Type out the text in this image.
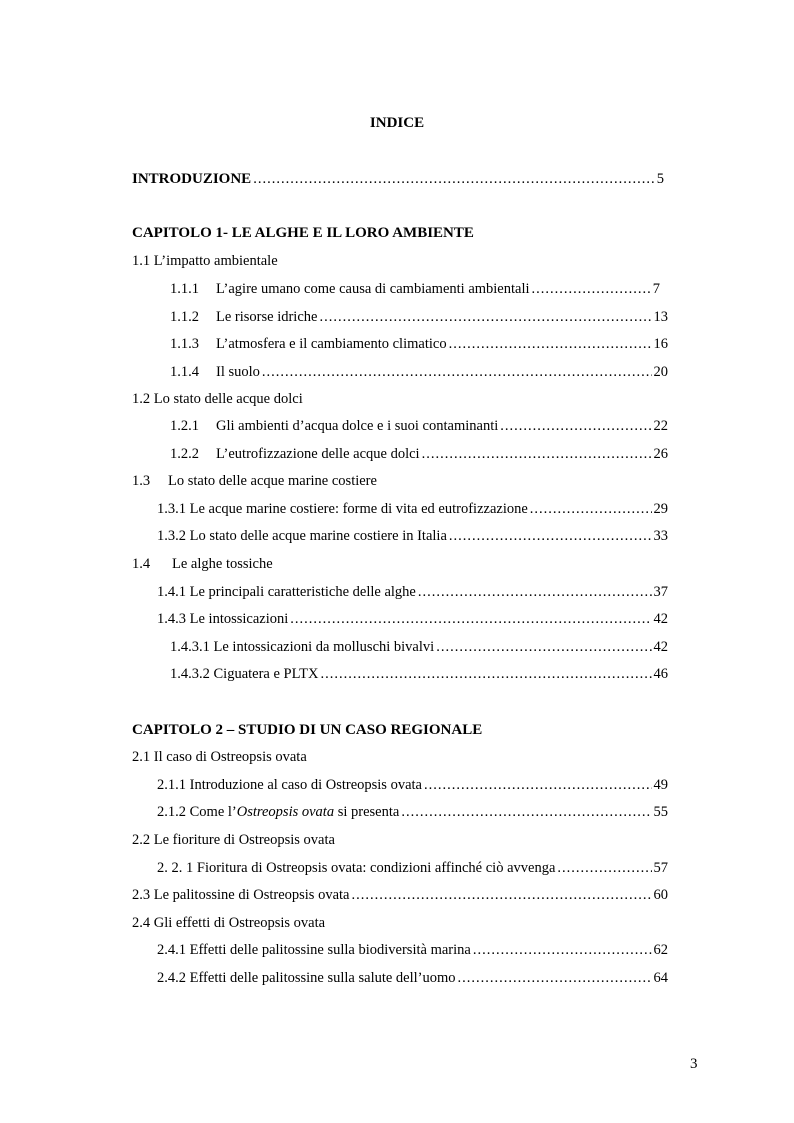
INDICE
INTRODUZIONE .....	5
CAPITOLO 1- LE ALGHE E IL LORO AMBIENTE
1.1 L’impatto ambientale
1.1.1 L’agire umano come causa di cambiamenti ambientali .....	7
1.1.2 Le risorse idriche .....	13
1.1.3 L’atmosfera e il cambiamento climatico .....	16
1.1.4 Il suolo .....	20
1.2 Lo stato delle acque dolci
1.2.1 Gli ambienti d’acqua dolce e i suoi contaminanti .....	22
1.2.2 L’eutrofizzazione delle acque dolci .....	26
1.3 Lo stato delle acque marine costiere
1.3.1 Le acque marine costiere: forme di vita ed eutrofizzazione .....	29
1.3.2 Lo stato delle acque marine costiere in Italia .....	33
1.4 Le alghe tossiche
1.4.1 Le principali caratteristiche delle alghe .....	37
1.4.3 Le intossicazioni .....	42
1.4.3.1 Le intossicazioni da molluschi bivalvi .....	42
1.4.3.2 Ciguatera e PLTX .....	46
CAPITOLO 2 – STUDIO DI UN CASO REGIONALE
2.1 Il caso di Ostreopsis ovata
2.1.1 Introduzione al caso di Ostreopsis ovata .....	49
2.1.2 Come l’Ostreopsis ovata si presenta .....	55
2.2 Le fioriture di Ostreopsis ovata
2. 2. 1 Fioritura di Ostreopsis ovata: condizioni affinché ciò avvenga .....	57
2.3 Le palitossine di Ostreopsis ovata .....	60
2.4 Gli effetti di Ostreopsis ovata
2.4.1 Effetti delle palitossine sulla biodiversità marina .....	62
2.4.2 Effetti delle palitossine sulla salute dell’uomo .....	64
3
